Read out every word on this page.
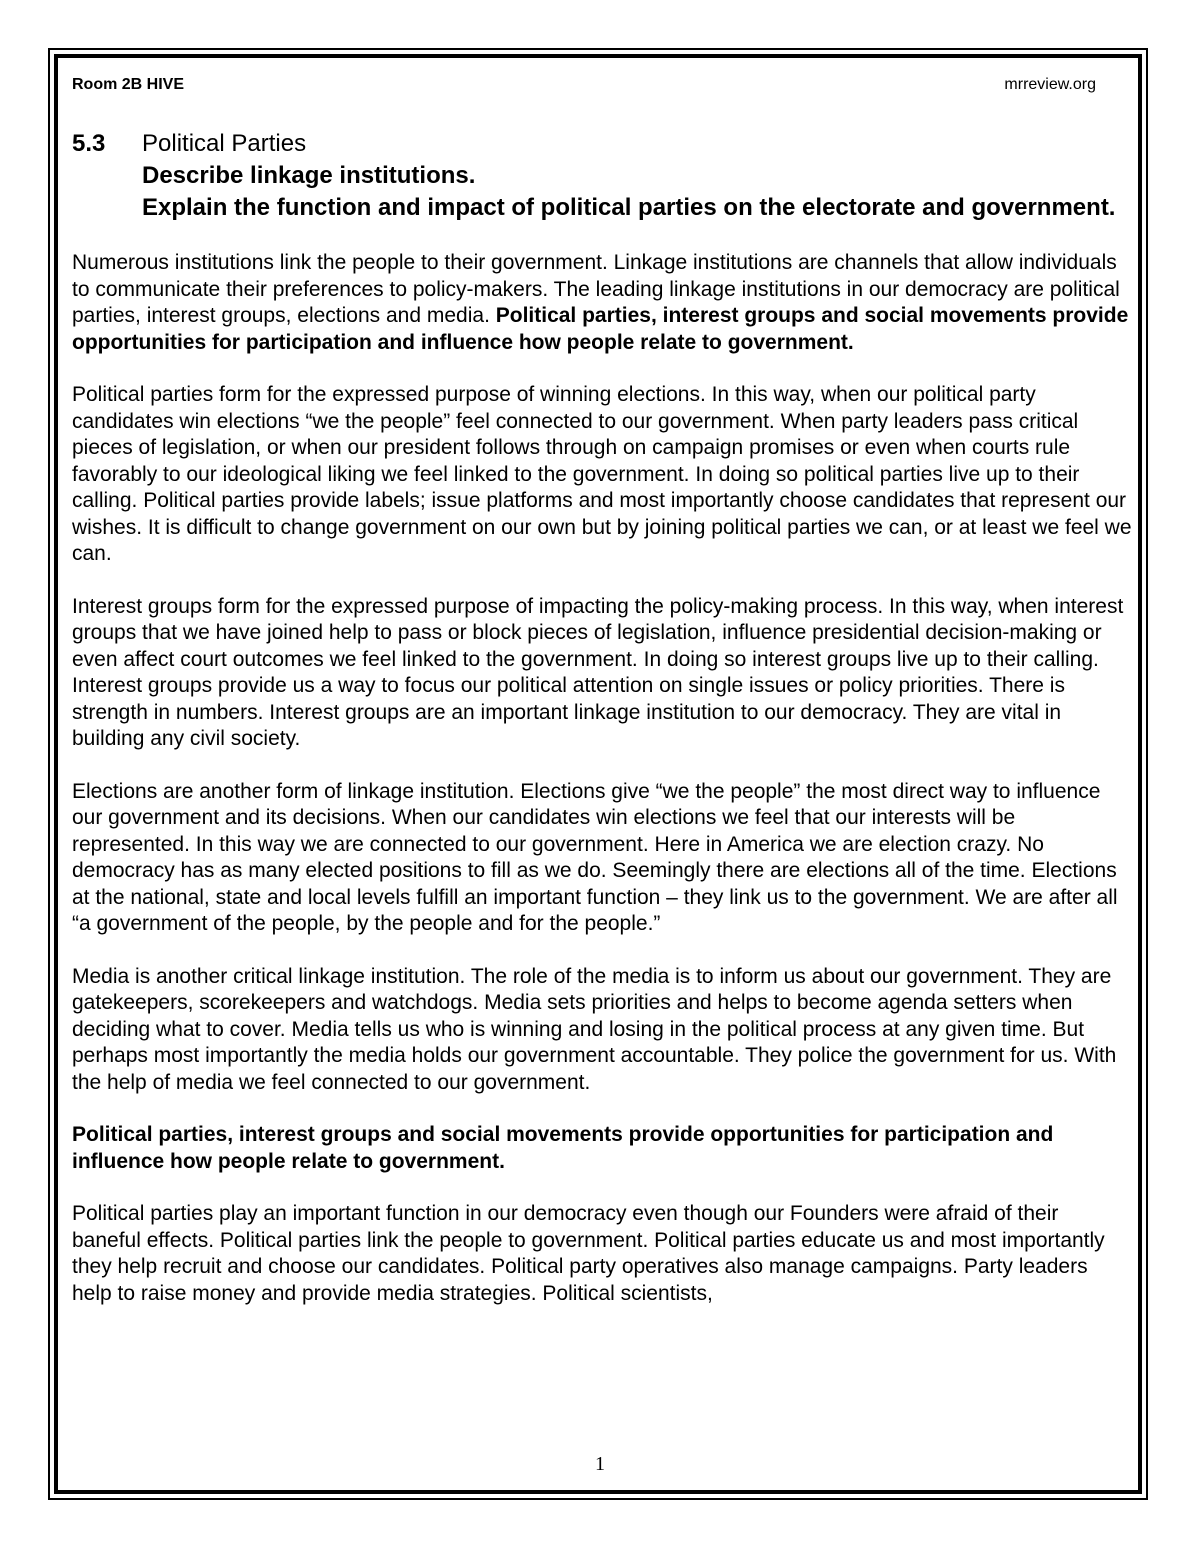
Room 2B HIVE	mrreview.org
5.3	Political Parties
Describe linkage institutions.
Explain the function and impact of political parties on the electorate and government.
Numerous institutions link the people to their government. Linkage institutions are channels that allow individuals to communicate their preferences to policy-makers. The leading linkage institutions in our democracy are political parties, interest groups, elections and media. Political parties, interest groups and social movements provide opportunities for participation and influence how people relate to government.
Political parties form for the expressed purpose of winning elections. In this way, when our political party candidates win elections “we the people” feel connected to our government. When party leaders pass critical pieces of legislation, or when our president follows through on campaign promises or even when courts rule favorably to our ideological liking we feel linked to the government. In doing so political parties live up to their calling. Political parties provide labels; issue platforms and most importantly choose candidates that represent our wishes. It is difficult to change government on our own but by joining political parties we can, or at least we feel we can.
Interest groups form for the expressed purpose of impacting the policy-making process. In this way, when interest groups that we have joined help to pass or block pieces of legislation, influence presidential decision-making or even affect court outcomes we feel linked to the government. In doing so interest groups live up to their calling. Interest groups provide us a way to focus our political attention on single issues or policy priorities. There is strength in numbers. Interest groups are an important linkage institution to our democracy. They are vital in building any civil society.
Elections are another form of linkage institution. Elections give “we the people” the most direct way to influence our government and its decisions. When our candidates win elections we feel that our interests will be represented. In this way we are connected to our government. Here in America we are election crazy. No democracy has as many elected positions to fill as we do. Seemingly there are elections all of the time. Elections at the national, state and local levels fulfill an important function – they link us to the government. We are after all “a government of the people, by the people and for the people.”
Media is another critical linkage institution. The role of the media is to inform us about our government. They are gatekeepers, scorekeepers and watchdogs. Media sets priorities and helps to become agenda setters when deciding what to cover. Media tells us who is winning and losing in the political process at any given time. But perhaps most importantly the media holds our government accountable. They police the government for us. With the help of media we feel connected to our government.
Political parties, interest groups and social movements provide opportunities for participation and influence how people relate to government.
Political parties play an important function in our democracy even though our Founders were afraid of their baneful effects. Political parties link the people to government. Political parties educate us and most importantly they help recruit and choose our candidates. Political party operatives also manage campaigns. Party leaders help to raise money and provide media strategies. Political scientists,
1
